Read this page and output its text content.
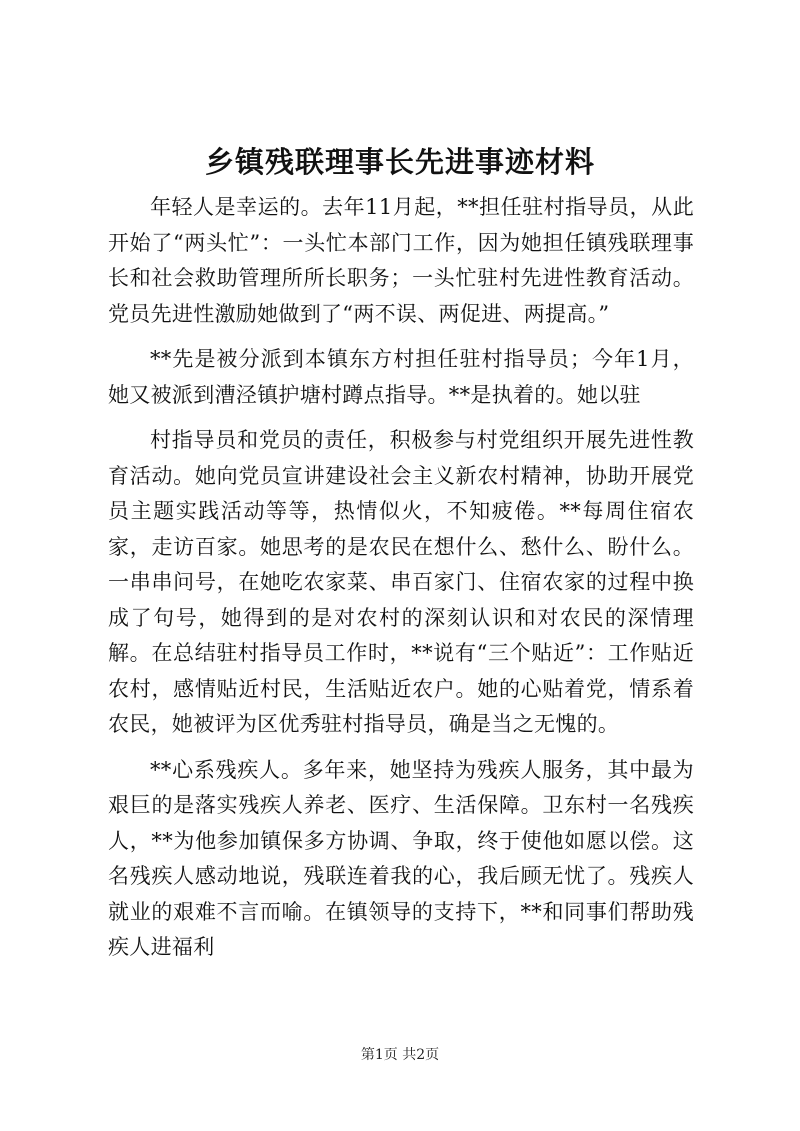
乡镇残联理事长先进事迹材料

年轻人是幸运的。去年11月起，**担任驻村指导员，从此开始了“两头忙”：一头忙本部门工作，因为她担任镇残联理事长和社会救助管理所所长职务；一头忙驻村先进性教育活动。党员先进性激励她做到了“两不误、两促进、两提高。”

**先是被分派到本镇东方村担任驻村指导员；今年1月，她又被派到漕泾镇护塘村蹲点指导。**是执着的。她以驻

村指导员和党员的责任，积极参与村党组织开展先进性教育活动。她向党员宣讲建设社会主义新农村精神，协助开展党员主题实践活动等等，热情似火，不知疲倦。**每周住宿农家，走访百家。她思考的是农民在想什么、愁什么、盼什么。一串串问号，在她吃农家菜、串百家门、住宿农家的过程中换成了句号，她得到的是对农村的深刻认识和对农民的深情理解。在总结驻村指导员工作时，**说有“三个贴近”：工作贴近农村，感情贴近村民，生活贴近农户。她的心贴着党，情系着农民，她被评为区优秀驻村指导员，确是当之无愧的。

**心系残疾人。多年来，她坚持为残疾人服务，其中最为艰巨的是落实残疾人养老、医疗、生活保障。卫东村一名残疾人，**为他参加镇保多方协调、争取，终于使他如愿以偿。这名残疾人感动地说，残联连着我的心，我后顾无忧了。残疾人就业的艰难不言而喻。在镇领导的支持下，**和同事们帮助残疾人进福利

第1页 共2页
